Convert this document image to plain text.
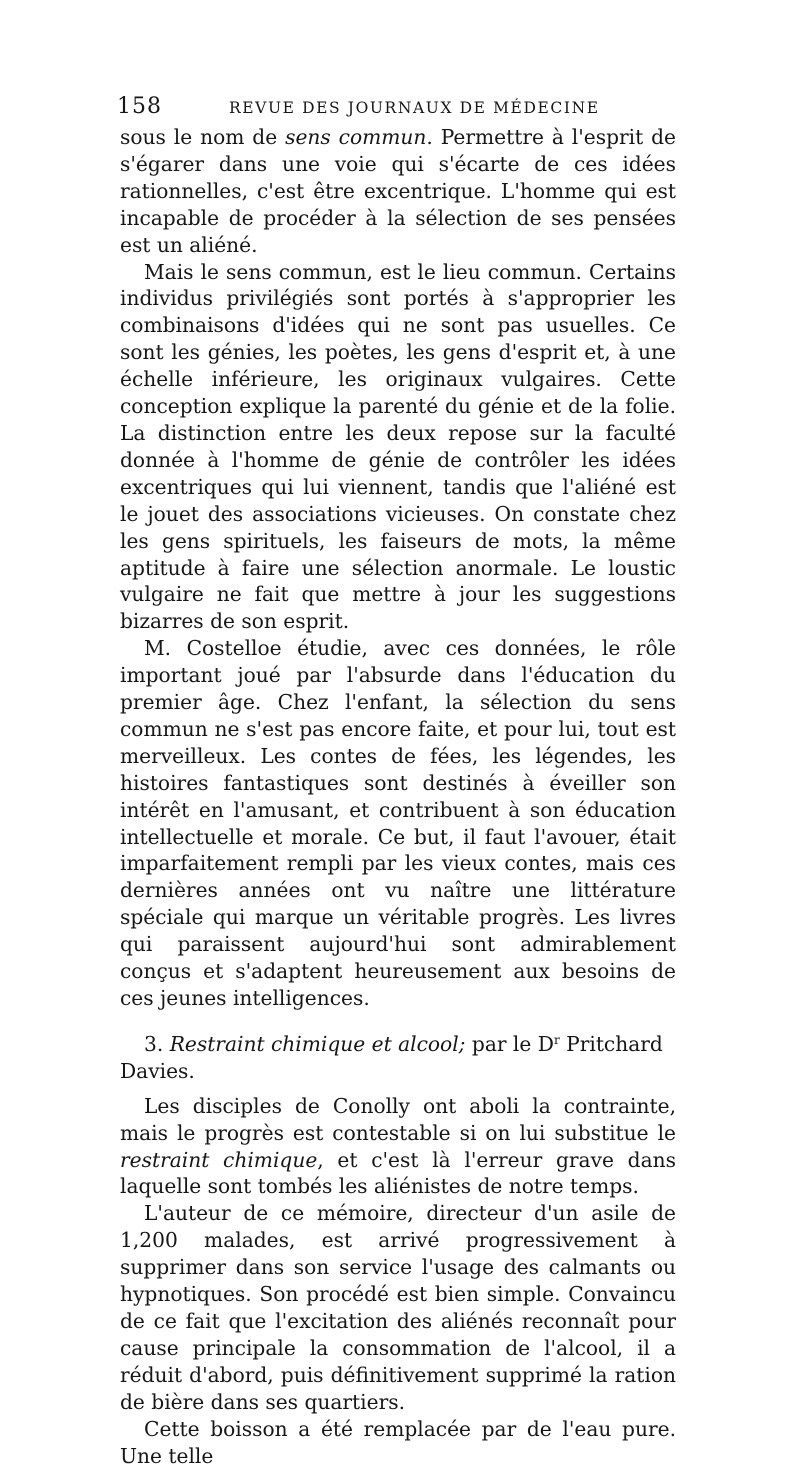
158	REVUE DES JOURNAUX DE MÉDECINE

sous le nom de sens commun. Permettre à l'esprit de s'égarer dans une voie qui s'écarte de ces idées rationnelles, c'est être excentrique. L'homme qui est incapable de procéder à la sélection de ses pensées est un aliéné.

Mais le sens commun, est le lieu commun. Certains individus privilégiés sont portés à s'approprier les combinaisons d'idées qui ne sont pas usuelles. Ce sont les génies, les poètes, les gens d'esprit et, à une échelle inférieure, les originaux vulgaires. Cette conception explique la parenté du génie et de la folie. La distinction entre les deux repose sur la faculté donnée à l'homme de génie de contrôler les idées excentriques qui lui viennent, tandis que l'aliéné est le jouet des associations vicieuses. On constate chez les gens spirituels, les faiseurs de mots, la même aptitude à faire une sélection anormale. Le loustic vulgaire ne fait que mettre à jour les suggestions bizarres de son esprit.

M. Costelloe étudie, avec ces données, le rôle important joué par l'absurde dans l'éducation du premier âge. Chez l'enfant, la sélection du sens commun ne s'est pas encore faite, et pour lui, tout est merveilleux. Les contes de fées, les légendes, les histoires fantastiques sont destinés à éveiller son intérêt en l'amusant, et contribuent à son éducation intellectuelle et morale. Ce but, il faut l'avouer, était imparfaitement rempli par les vieux contes, mais ces dernières années ont vu naître une littérature spéciale qui marque un véritable progrès. Les livres qui paraissent aujourd'hui sont admirablement conçus et s'adaptent heureusement aux besoins de ces jeunes intelligences.

3. Restraint chimique et alcool; par le $D^r$ Pritchard Davies.

Les disciples de Conolly ont aboli la contrainte, mais le progrès est contestable si on lui substitue le restraint chimique, et c'est là l'erreur grave dans laquelle sont tombés les aliénistes de notre temps.

L'auteur de ce mémoire, directeur d'un asile de 1,200 malades, est arrivé progressivement à supprimer dans son service l'usage des calmants ou hypnotiques. Son procédé est bien simple. Convaincu de ce fait que l'excitation des aliénés reconnaît pour cause principale la consommation de l'alcool, il a réduit d'abord, puis définitivement supprimé la ration de bière dans ses quartiers.

Cette boisson a été remplacée par de l'eau pure. Une telle
